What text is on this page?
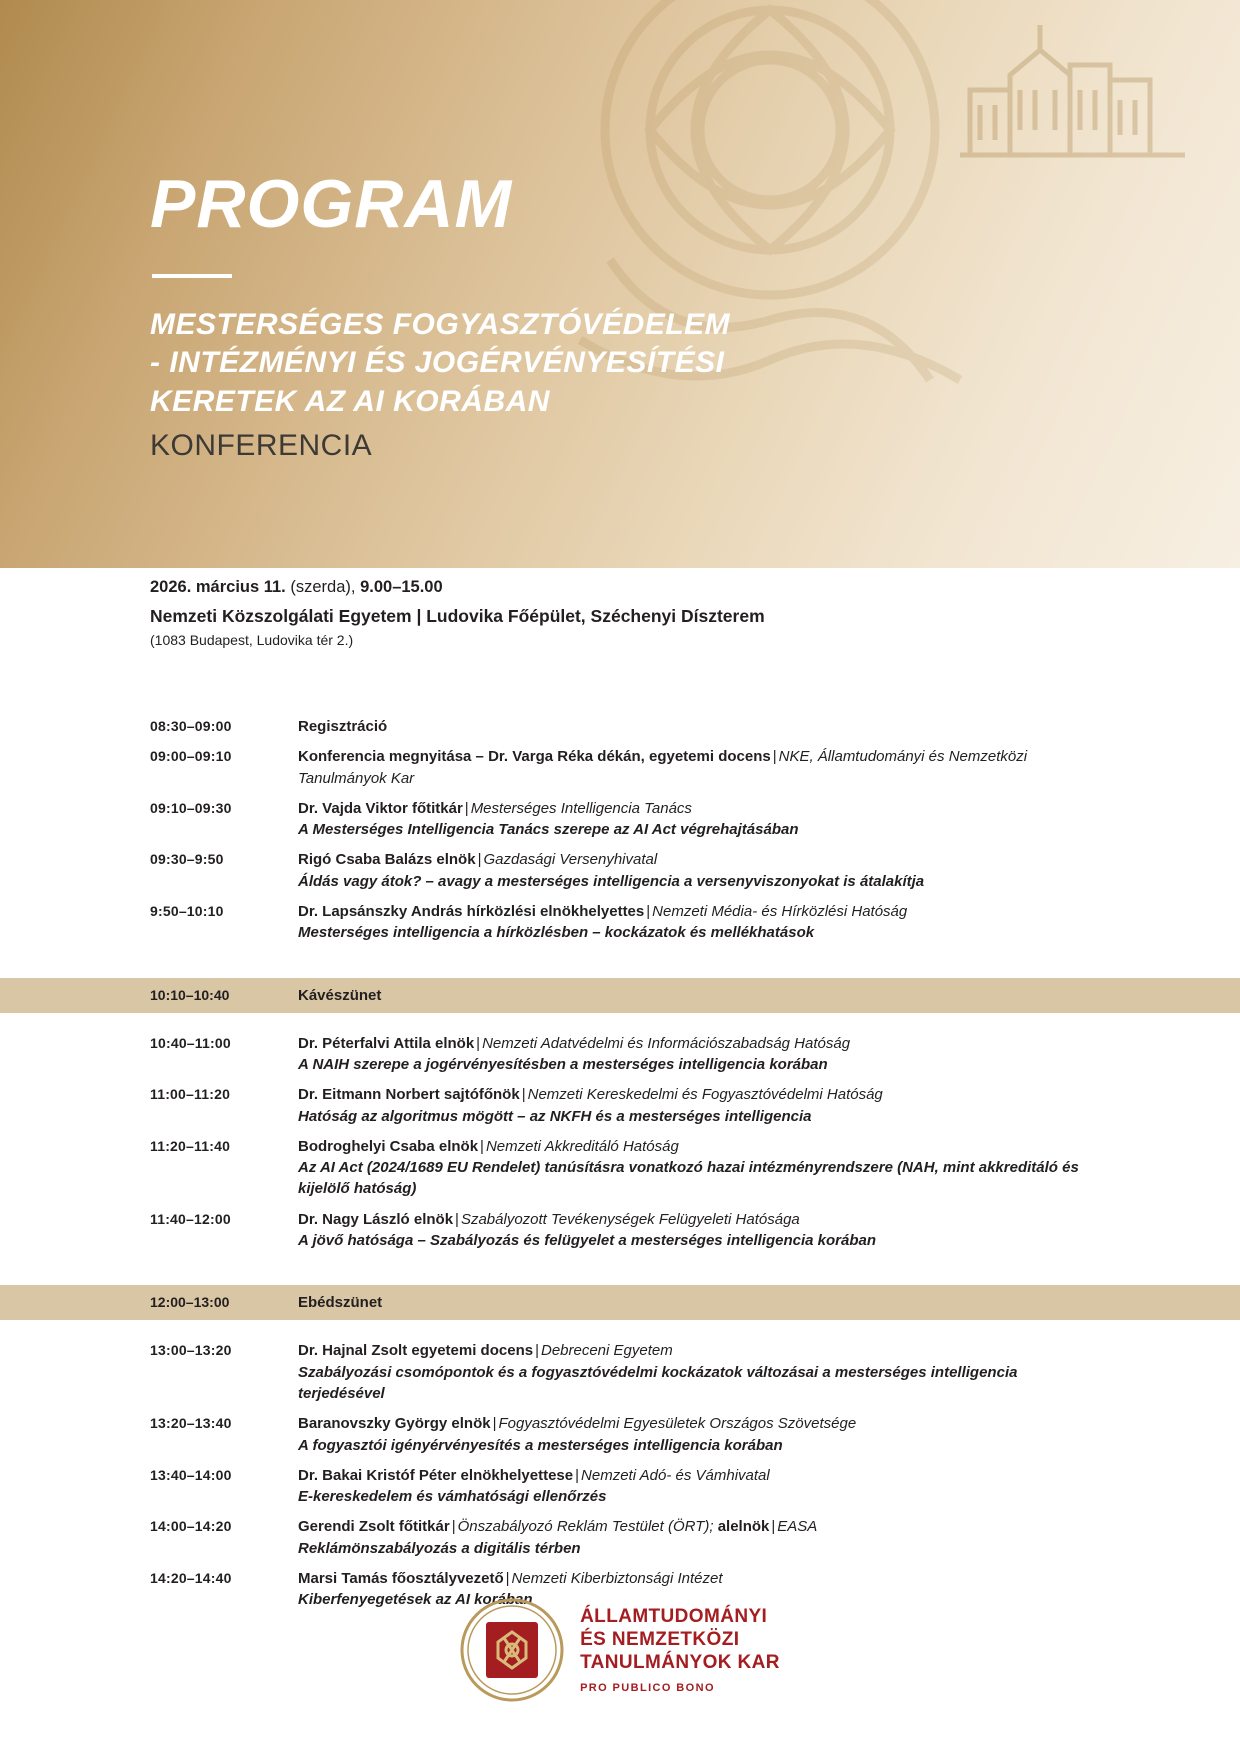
PROGRAM
MESTERSÉGES FOGYASZTÓVÉDELEM
- INTÉZMÉNYI ÉS JOGÉRVÉNYESÍTÉSI
KERETEK AZ AI KORÁBAN
KONFERENCIA
2026. március 11. (szerda), 9.00–15.00
Nemzeti Közszolgálati Egyetem | Ludovika Főépület, Széchenyi Díszterem
(1083 Budapest, Ludovika tér 2.)
08:30–09:00	Regisztráció
09:00–09:10	Konferencia megnyitása – Dr. Varga Réka dékán, egyetemi docens | NKE, Államtudományi és Nemzetközi Tanulmányok Kar
09:10–09:30	Dr. Vajda Viktor főtitkár | Mesterséges Intelligencia Tanács
A Mesterséges Intelligencia Tanács szerepe az AI Act végrehajtásában
09:30–9:50	Rigó Csaba Balázs elnök | Gazdasági Versenyhivatal
Áldás vagy átok? – avagy a mesterséges intelligencia a versenyviszonyokat is átalakítja
9:50–10:10	Dr. Lapsánszky András hírközlési elnökhelyettes | Nemzeti Média- és Hírközlési Hatóság
Mesterséges intelligencia a hírközlésben – kockázatok és mellékhatások
10:10–10:40	Kávészünet
10:40–11:00	Dr. Péterfalvi Attila elnök | Nemzeti Adatvédelmi és Információszabadság Hatóság
A NAIH szerepe a jogérvényesítésben a mesterséges intelligencia korában
11:00–11:20	Dr. Eitmann Norbert sajtófőnök | Nemzeti Kereskedelmi és Fogyasztóvédelmi Hatóság
Hatóság az algoritmus mögött – az NKFH és a mesterséges intelligencia
11:20–11:40	Bodroghelyi Csaba elnök | Nemzeti Akkreditáló Hatóság
Az AI Act (2024/1689 EU Rendelet) tanúsításra vonatkozó hazai intézményrendszere (NAH, mint akkreditáló és kijelölő hatóság)
11:40–12:00	Dr. Nagy László elnök | Szabályozott Tevékenységek Felügyeleti Hatósága
A jövő hatósága – Szabályozás és felügyelet a mesterséges intelligencia korában
12:00–13:00	Ebédszünet
13:00–13:20	Dr. Hajnal Zsolt egyetemi docens | Debreceni Egyetem
Szabályozási csomópontok és a fogyasztóvédelmi kockázatok változásai a mesterséges intelligencia terjedésével
13:20–13:40	Baranovszky György elnök | Fogyasztóvédelmi Egyesületek Országos Szövetsége
A fogyasztói igényérvényesítés a mesterséges intelligencia korában
13:40–14:00	Dr. Bakai Kristóf Péter elnökhelyettese | Nemzeti Adó- és Vámhivatal
E-kereskedelem és vámhatósági ellenőrzés
14:00–14:20	Gerendi Zsolt főtitkár | Önszabályozó Reklám Testület (ÖRT); alelnök | EASA
Reklámönszabályozás a digitális térben
14:20–14:40	Marsi Tamás főosztályvezető | Nemzeti Kiberbiztonsági Intézet
Kiberfenyegetések az AI korában
ÁLLAMTUDOMÁNYI
ÉS NEMZETKÖZI
TANULMÁNYOK KAR
PRO PUBLICO BONO
